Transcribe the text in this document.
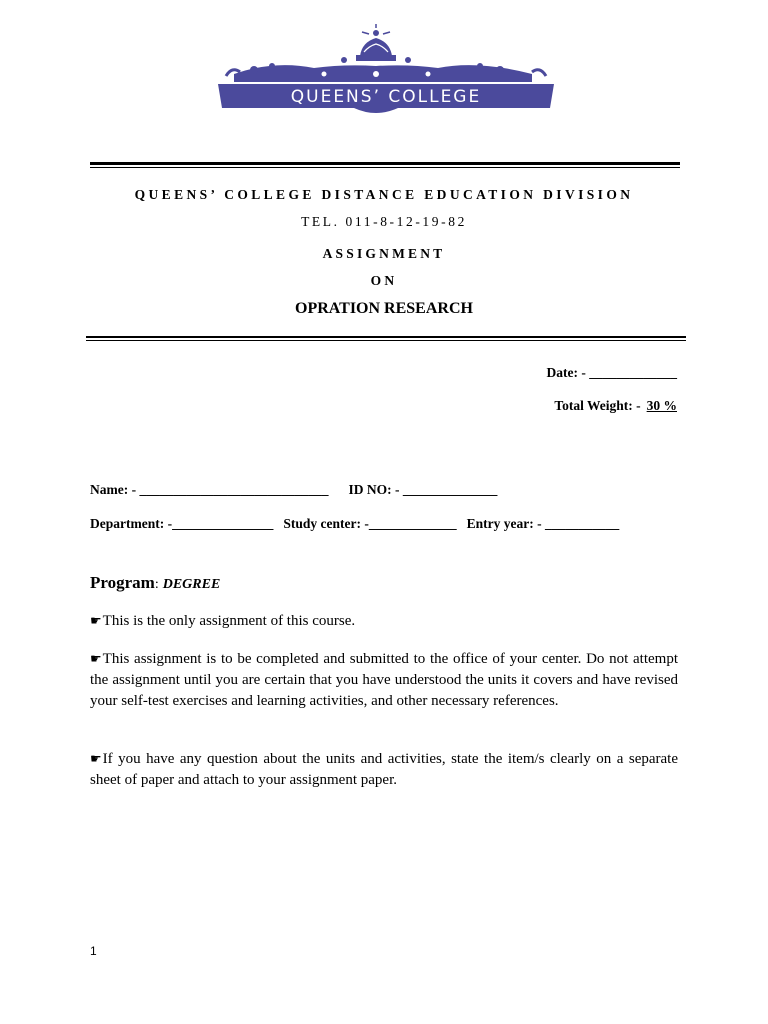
QUEENS’ COLLEGE
QUEENS’ COLLEGE DISTANCE EDUCATION DIVISION
TEL. 011-8-12-19-82
ASSIGNMENT
ON
OPRATION RESEARCH
Date: - _____________
Total Weight: - 30 %
Name: - ____________________________ ID NO: - ______________
Department: -_______________ Study center: -_____________ Entry year: - ___________
Program: DEGREE
☛This is the only assignment of this course.
☛This assignment is to be completed and submitted to the office of your center. Do not attempt the assignment until you are certain that you have understood the units it covers and have revised your self-test exercises and learning activities, and other necessary references.
☛If you have any question about the units and activities, state the item/s clearly on a separate sheet of paper and attach to your assignment paper.
1
